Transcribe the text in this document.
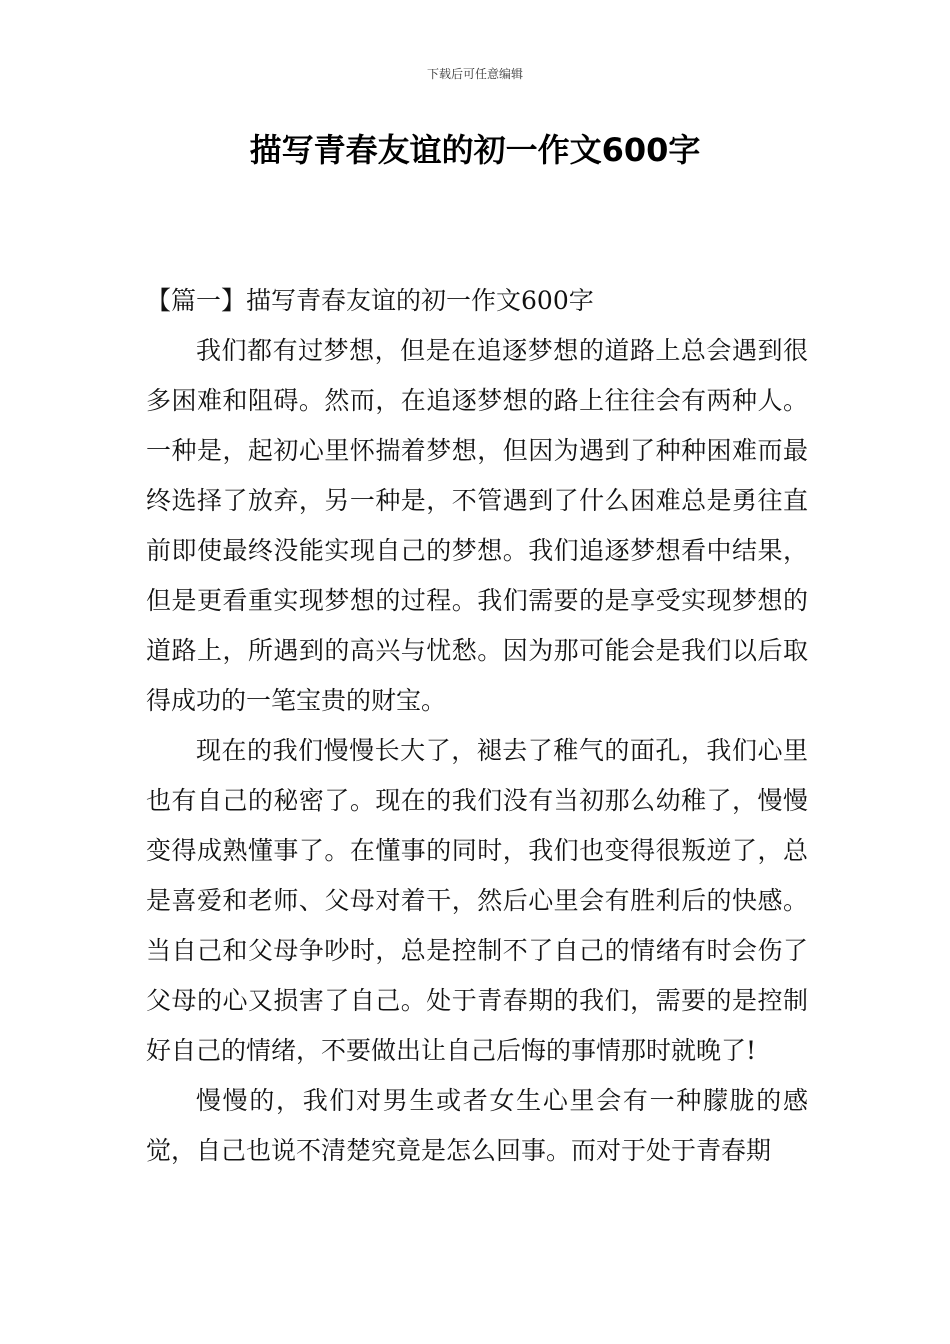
下载后可任意编辑
描写青春友谊的初一作文600字
【篇一】描写青春友谊的初一作文600字

我们都有过梦想，但是在追逐梦想的道路上总会遇到很多困难和阻碍。然而，在追逐梦想的路上往往会有两种人。一种是，起初心里怀揣着梦想，但因为遇到了种种困难而最终选择了放弃，另一种是，不管遇到了什么困难总是勇往直前即使最终没能实现自己的梦想。我们追逐梦想看中结果，但是更看重实现梦想的过程。我们需要的是享受实现梦想的道路上，所遇到的高兴与忧愁。因为那可能会是我们以后取得成功的一笔宝贵的财宝。

现在的我们慢慢长大了，褪去了稚气的面孔，我们心里也有自己的秘密了。现在的我们没有当初那么幼稚了，慢慢变得成熟懂事了。在懂事的同时，我们也变得很叛逆了，总是喜爱和老师、父母对着干，然后心里会有胜利后的快感。当自己和父母争吵时，总是控制不了自己的情绪有时会伤了父母的心又损害了自己。处于青春期的我们，需要的是控制好自己的情绪，不要做出让自己后悔的事情那时就晚了!

慢慢的，我们对男生或者女生心里会有一种朦胧的感觉，自己也说不清楚究竟是怎么回事。而对于处于青春期
